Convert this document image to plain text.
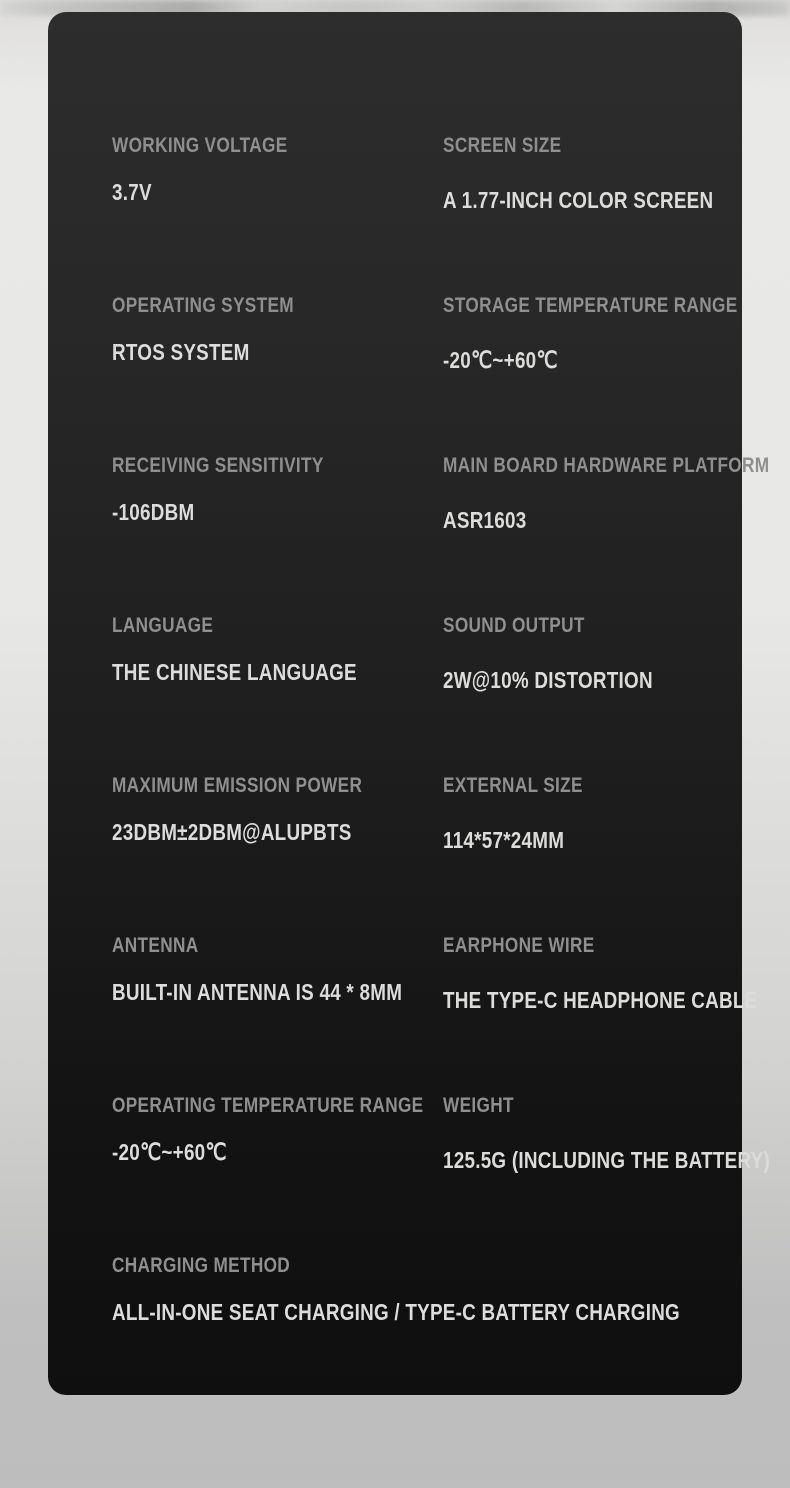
WORKING VOLTAGE
3.7V
SCREEN SIZE
A 1.77-INCH COLOR SCREEN
OPERATING SYSTEM
RTOS SYSTEM
STORAGE TEMPERATURE RANGE
-20℃~+60℃
RECEIVING SENSITIVITY
-106DBM
MAIN BOARD HARDWARE PLATFORM
ASR1603
LANGUAGE
THE CHINESE LANGUAGE
SOUND OUTPUT
2W@10% DISTORTION
MAXIMUM EMISSION POWER
23DBM±2DBM@ALUPBTS
EXTERNAL SIZE
114*57*24MM
ANTENNA
BUILT-IN ANTENNA IS 44 * 8MM
EARPHONE WIRE
THE TYPE-C HEADPHONE CABLE
OPERATING TEMPERATURE RANGE
-20℃~+60℃
WEIGHT
125.5G (INCLUDING THE BATTERY)
CHARGING METHOD
ALL-IN-ONE SEAT CHARGING / TYPE-C BATTERY CHARGING
